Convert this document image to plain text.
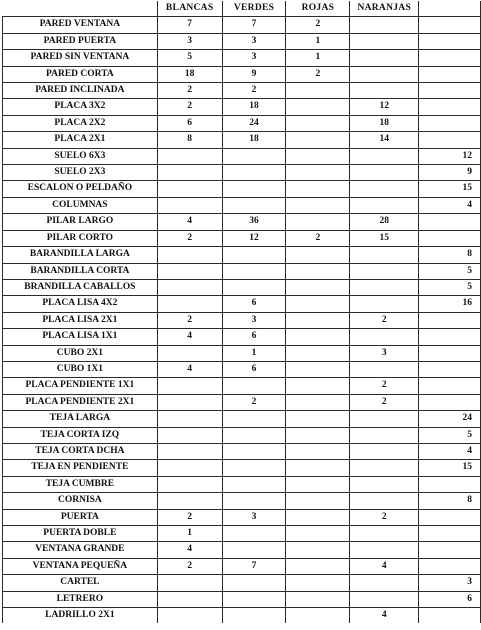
	BLANCAS	VERDES	ROJAS	NARANJAS	
PARED VENTANA	7	7	2		
PARED PUERTA	3	3	1		
PARED SIN VENTANA	5	3	1		
PARED CORTA	18	9	2		
PARED INCLINADA	2	2			
PLACA 3X2	2	18		12	
PLACA 2X2	6	24		18	
PLACA 2X1	8	18		14	
SUELO 6X3					12
SUELO 2X3					9
ESCALON O PELDAÑO					15
COLUMNAS					4
PILAR LARGO	4	36		28	
PILAR CORTO	2	12	2	15	
BARANDILLA LARGA					8
BARANDILLA CORTA					5
BRANDILLA CABALLOS					5
PLACA LISA 4X2		6			16
PLACA LISA 2X1	2	3		2	
PLACA LISA 1X1	4	6			
CUBO 2X1		1		3	
CUBO 1X1	4	6			
PLACA PENDIENTE 1X1				2	
PLACA PENDIENTE 2X1		2		2	
TEJA LARGA					24
TEJA CORTA IZQ					5
TEJA CORTA DCHA					4
TEJA EN PENDIENTE					15
TEJA CUMBRE					
CORNISA					8
PUERTA	2	3		2	
PUERTA DOBLE	1				
VENTANA GRANDE	4				
VENTANA PEQUEÑA	2	7		4	
CARTEL					3
LETRERO					6
LADRILLO 2X1				4	
